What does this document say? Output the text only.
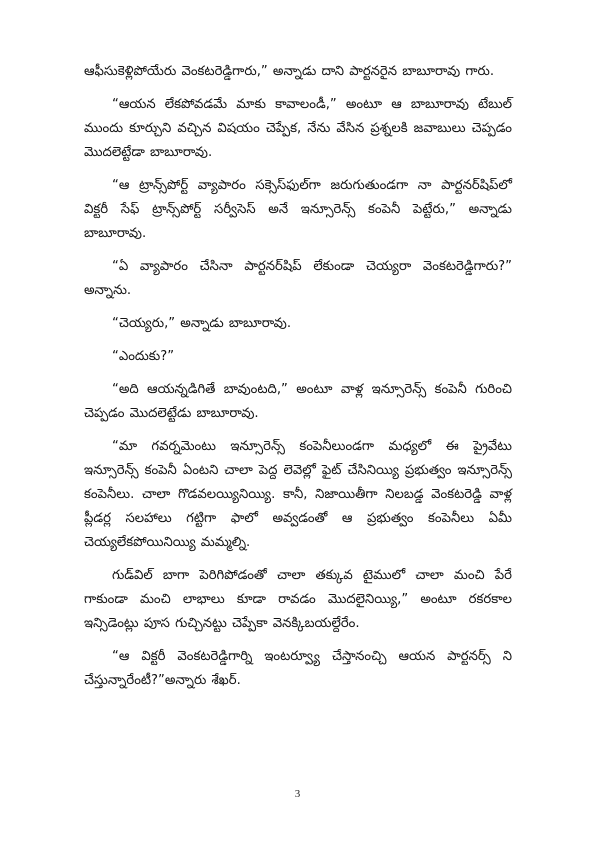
ఆఫీసుకెళ్లిపోయేరు వెంకటరెడ్డిగారు,” అన్నాడు దాని పార్టనరైన బాబూరావు గారు.

“ఆయన లేకపోవడమే మాకు కావాలండీ,” అంటూ ఆ బాబూరావు టేబుల్ ముందు కూర్చుని వచ్చిన విషయం చెప్పేక, నేను వేసిన ప్రశ్నలకి జవాబులు చెప్పడం మొదలెట్టేడా బాబూరావు.

“ఆ ట్రాన్స్‌పోర్ట్ వ్యాపారం సక్సెస్‌ఫుల్‌గా జరుగుతుండగా నా పార్టనర్‌షిప్‌లో విక్టరీ సేఫ్ ట్రాన్స్‌పోర్ట్ సర్వీసెస్ అనే ఇన్సూరెన్స్ కంపెనీ పెట్టేరు,” అన్నాడు బాబూరావు.

“ఏ వ్యాపారం చేసినా పార్టనర్‌షిప్ లేకుండా చెయ్యరా వెంకటరెడ్డిగారు?” అన్నాను.

“చెయ్యరు,” అన్నాడు బాబూరావు.

“ఎందుకు?”

“అది ఆయన్నడిగితే బావుంటది,” అంటూ వాళ్ల ఇన్సూరెన్స్ కంపెనీ గురించి చెప్పడం మొదలెట్టేడు బాబూరావు.

“మా గవర్నమెంటు ఇన్సూరెన్స్ కంపెనీలుండగా మధ్యలో ఈ ప్రైవేటు ఇన్సూరెన్స్ కంపెనీ ఏంటని చాలా పెద్ద లెవెల్లో ఫైట్ చేసినియ్యి ప్రభుత్వం ఇన్సూరెన్స్ కంపెనీలు. చాలా గొడవలయ్యినియ్యి. కానీ, నిజాయితీగా నిలబడ్డ వెంకటరెడ్డి వాళ్ల ప్లీడర్ల సలహాలు గట్టిగా ఫాలో అవ్వడంతో ఆ ప్రభుత్వం కంపెనీలు ఏమీ చెయ్యలేకపోయినియ్యి మమ్మల్ని.

గుడ్‌విల్ బాగా పెరిగిపోడంతో చాలా తక్కువ టైములో చాలా మంచి పేరే గాకుండా మంచి లాభాలు కూడా రావడం మొదలైనియ్యి,” అంటూ రకరకాల ఇన్సిడెంట్లు పూస గుచ్చినట్టు చెప్పేకా వెనక్కిబయల్దేరేం.

“ఆ విక్టరీ వెంకటరెడ్డిగార్ని ఇంటర్వ్యూ చేస్తానంచ్చి ఆయన పార్టనర్స్ ని చేస్తున్నారేంటీ?”అన్నారు శేఖర్.

3
